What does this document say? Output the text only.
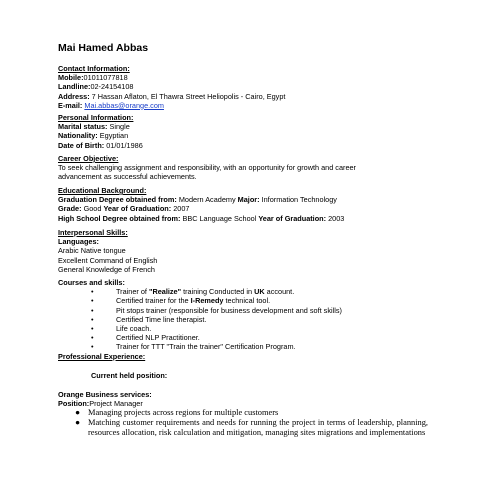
Mai Hamed Abbas
Contact Information:
Mobile:01011077818
Landline:02-24154108
Address: 7 Hassan Aflaton, El Thawra Street Heliopolis - Cairo, Egypt
E-mail: Mai.abbas@orange.com
Personal Information:
Marital status: Single
Nationality: Egyptian
Date of Birth: 01/01/1986
Career Objective:
To seek challenging assignment and responsibility, with an opportunity for growth and career advancement as successful achievements.
Educational Background:
Graduation Degree obtained from: Modern Academy Major: Information Technology
Grade: Good Year of Graduation: 2007
High School Degree obtained from: BBC Language School Year of Graduation: 2003
Interpersonal Skills:
Languages:
Arabic Native tongue
Excellent Command of English
General Knowledge of French
Courses and skills:
•	Trainer of "Realize" training Conducted in UK account.
•	Certified trainer for the I-Remedy technical tool.
•	Pit stops trainer (responsible for business development and soft skills)
•	Certified Time line therapist.
•	Life coach.
•	Certified NLP Practitioner.
•	Trainer for TTT "Train the trainer" Certification Program.
Professional Experience:
Current held position:
Orange Business services:
Position:Project Manager
● Managing projects across regions for multiple customers
● Matching customer requirements and needs for running the project in terms of leadership, planning, resources allocation, risk calculation and mitigation, managing sites migrations and implementations
